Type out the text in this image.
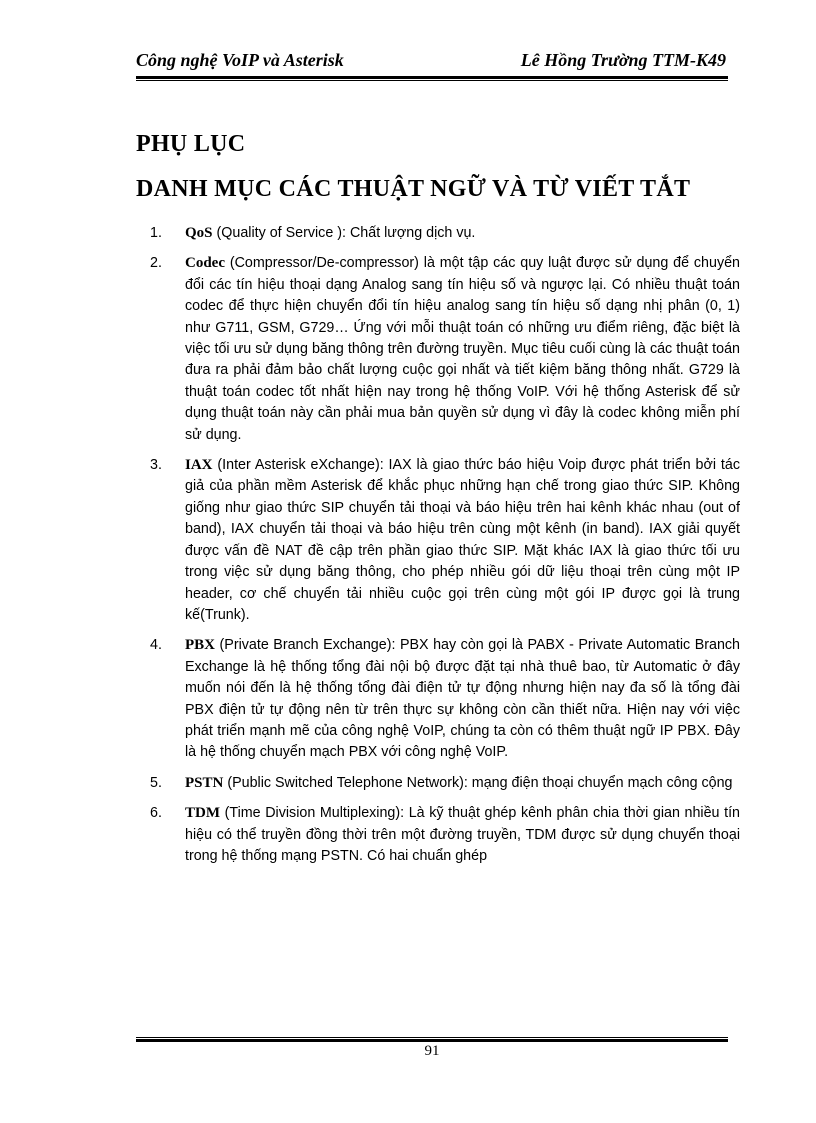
Công nghệ VoIP và Asterisk	Lê Hồng Trường TTM-K49
PHỤ LỤC
DANH MỤC CÁC THUẬT NGỮ VÀ TỪ VIẾT TẮT
1.	QoS (Quality of Service ): Chất lượng dịch vụ.
2.	Codec (Compressor/De-compressor) là một tập các quy luật được sử dụng để chuyển đổi các tín hiệu thoại dạng Analog sang tín hiệu số và ngược lại. Có nhiều thuật toán codec để thực hiện chuyển đổi tín hiệu analog sang tín hiệu số dạng nhị phân (0, 1) như G711, GSM, G729… Ứng với mỗi thuật toán có những ưu điểm riêng, đặc biệt là việc tối ưu sử dụng băng thông trên đường truyền. Mục tiêu cuối cùng là các thuật toán đưa ra phải đảm bảo chất lượng cuộc gọi nhất và tiết kiệm băng thông nhất. G729 là thuật toán codec tốt nhất hiện nay trong hệ thống VoIP. Với hệ thống Asterisk để sử dụng thuật toán này cần phải mua bản quyền sử dụng vì đây là codec không miễn phí sử dụng.
3.	IAX (Inter Asterisk eXchange): IAX là giao thức báo hiệu Voip được phát triển bởi tác giả của phần mềm Asterisk để khắc phục những hạn chế trong giao thức SIP. Không giống như giao thức SIP chuyển tải thoại và báo hiệu trên hai kênh khác nhau (out of band), IAX chuyển tải thoại và báo hiệu trên cùng một kênh (in band). IAX giải quyết được vấn đề NAT đề cập trên phần giao thức SIP. Mặt khác IAX là giao thức tối ưu trong việc sử dụng băng thông, cho phép nhiều gói dữ liệu thoại trên cùng một IP header, cơ chế chuyển tải nhiều cuộc gọi trên cùng một gói IP được gọi là trung kế(Trunk).
4.	PBX (Private Branch Exchange): PBX hay còn gọi là PABX - Private Automatic Branch Exchange là hệ thống tổng đài nội bộ được đặt tại nhà thuê bao, từ Automatic ở đây muốn nói đến là hệ thống tổng đài điện tử tự động nhưng hiện nay đa số là tổng đài PBX điện tử tự động nên từ trên thực sự không còn cần thiết nữa. Hiện nay với việc phát triển mạnh mẽ của công nghệ VoIP, chúng ta còn có thêm thuật ngữ IP PBX. Đây là hệ thống chuyển mạch PBX với công nghệ VoIP.
5.	PSTN (Public Switched Telephone Network): mạng điện thoại chuyển mạch công cộng
6.	TDM (Time Division Multiplexing): Là kỹ thuật ghép kênh phân chia thời gian nhiều tín hiệu có thể truyền đồng thời trên một đường truyền, TDM được sử dụng chuyển thoại trong hệ thống mạng PSTN. Có hai chuẩn ghép
91
